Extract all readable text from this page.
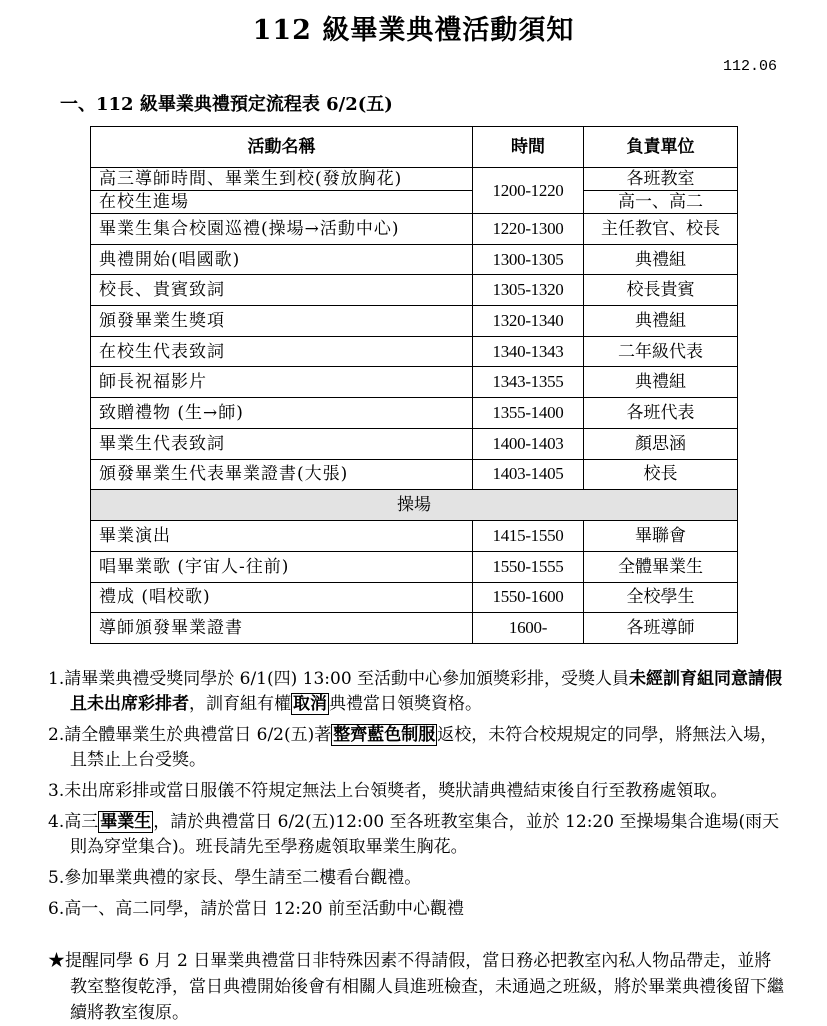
112 級畢業典禮活動須知
112.06
一、112 級畢業典禮預定流程表 6/2(五)
活動名稱	時間	負責單位
高三導師時間、畢業生到校(發放胸花)	1200-1220	各班教室
在校生進場		高一、高二
畢業生集合校園巡禮(操場→活動中心)	1220-1300	主任教官、校長
典禮開始(唱國歌)	1300-1305	典禮組
校長、貴賓致詞	1305-1320	校長貴賓
頒發畢業生獎項	1320-1340	典禮組
在校生代表致詞	1340-1343	二年級代表
師長祝福影片	1343-1355	典禮組
致贈禮物 (生→師)	1355-1400	各班代表
畢業生代表致詞	1400-1403	顏思涵
頒發畢業生代表畢業證書(大張)	1403-1405	校長
操場		
畢業演出	1415-1550	畢聯會
唱畢業歌 (宇宙人-往前)	1550-1555	全體畢業生
禮成 (唱校歌)	1550-1600	全校學生
導師頒發畢業證書	1600-	各班導師

1.請畢業典禮受獎同學於 6/1(四) 13:00 至活動中心參加頒獎彩排，受獎人員未經訓育組同意請假且未出席彩排者，訓育組有權 取消 典禮當日領獎資格。

2.請全體畢業生於典禮當日 6/2(五)著 整齊藍色制服 返校，未符合校規規定的同學，將無法入場，且禁止上台受獎。

3.未出席彩排或當日服儀不符規定無法上台領獎者，獎狀請典禮結束後自行至教務處領取。

4.高三 畢業生 ，請於典禮當日 6/2(五)12:00 至各班教室集合，並於 12:20 至操場集合進場(雨天則為穿堂集合)。班長請先至學務處領取畢業生胸花。

5.參加畢業典禮的家長、學生請至二樓看台觀禮。

6.高一、高二同學，請於當日 12:20 前至活動中心觀禮

★提醒同學 6 月 2 日畢業典禮當日非特殊因素不得請假，當日務必把教室內私人物品帶走，並將教室整復乾淨，當日典禮開始後會有相關人員進班檢查，未通過之班級，將於畢業典禮後留下繼續將教室復原。
